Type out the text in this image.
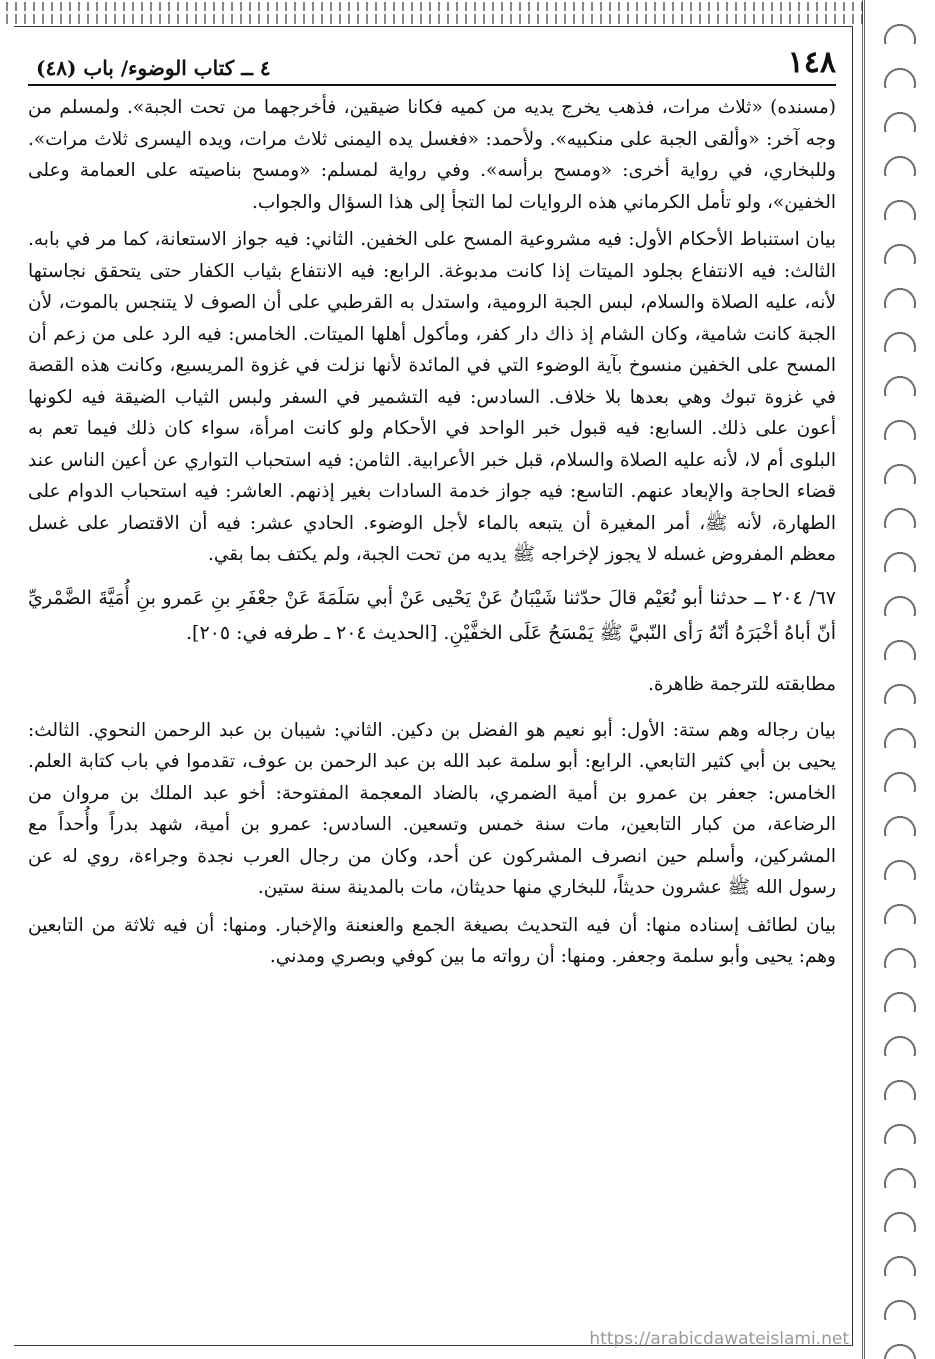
١٤٨
٤ ــ كتاب الوضوء/ باب (٤٨)

(مسنده) «ثلاث مرات، فذهب يخرج يديه من كميه فكانا ضيقين، فأخرجهما من تحت الجبة». ولمسلم من وجه آخر: «وألقى الجبة على منكبيه». ولأحمد: «فغسل يده اليمنى ثلاث مرات، ويده اليسرى ثلاث مرات». وللبخاري، في رواية أخرى: «ومسح برأسه». وفي رواية لمسلم: «ومسح بناصيته على العمامة وعلى الخفين»، ولو تأمل الكرماني هذه الروايات لما التجأ إلى هذا السؤال والجواب.

بيان استنباط الأحكام الأول: فيه مشروعية المسح على الخفين. الثاني: فيه جواز الاستعانة، كما مر في بابه. الثالث: فيه الانتفاع بجلود الميتات إذا كانت مدبوغة. الرابع: فيه الانتفاع بثياب الكفار حتى يتحقق نجاستها لأنه، عليه الصلاة والسلام، لبس الجبة الرومية، واستدل به القرطبي على أن الصوف لا يتنجس بالموت، لأن الجبة كانت شامية، وكان الشام إذ ذاك دار كفر، ومأكول أهلها الميتات. الخامس: فيه الرد على من زعم أن المسح على الخفين منسوخ بآية الوضوء التي في المائدة لأنها نزلت في غزوة المريسيع، وكانت هذه القصة في غزوة تبوك وهي بعدها بلا خلاف. السادس: فيه التشمير في السفر ولبس الثياب الضيقة فيه لكونها أعون على ذلك. السابع: فيه قبول خبر الواحد في الأحكام ولو كانت امرأة، سواء كان ذلك فيما تعم به البلوى أم لا، لأنه عليه الصلاة والسلام، قبل خبر الأعرابية. الثامن: فيه استحباب التواري عن أعين الناس عند قضاء الحاجة والإبعاد عنهم. التاسع: فيه جواز خدمة السادات بغير إذنهم. العاشر: فيه استحباب الدوام على الطهارة، لأنه ﷺ، أمر المغيرة أن يتبعه بالماء لأجل الوضوء. الحادي عشر: فيه أن الاقتصار على غسل معظم المفروض غسله لا يجوز لإخراجه ﷺ يديه من تحت الجبة، ولم يكتف بما بقي.

٦٧/ ٢٠٤ ــ حدثنا أبو نُعَيْم قالَ حدّثنا شَيْبَانُ عَنْ يَحْيى عَنْ أبي سَلَمَةَ عَنْ جعْفَرِ بنِ عَمرو بنِ أُمَيَّةَ الضَّمْريِّ أنّ أباهُ أخْبَرَهُ أنّهُ رَأى النّبيَّ ﷺ يَمْسَحُ عَلَى الخفَّيْنِ. [الحديث ٢٠٤ ـ طرفه في: ٢٠٥].

مطابقته للترجمة ظاهرة.

بيان رجاله وهم ستة: الأول: أبو نعيم هو الفضل بن دكين. الثاني: شيبان بن عبد الرحمن النحوي. الثالث: يحيى بن أبي كثير التابعي. الرابع: أبو سلمة عبد الله بن عبد الرحمن بن عوف، تقدموا في باب كتابة العلم. الخامس: جعفر بن عمرو بن أمية الضمري، بالضاد المعجمة المفتوحة: أخو عبد الملك بن مروان من الرضاعة، من كبار التابعين، مات سنة خمس وتسعين. السادس: عمرو بن أمية، شهد بدراً وأُحداً مع المشركين، وأسلم حين انصرف المشركون عن أحد، وكان من رجال العرب نجدة وجراءة، روي له عن رسول الله ﷺ عشرون حديثاً، للبخاري منها حديثان، مات بالمدينة سنة ستين.

بيان لطائف إسناده منها: أن فيه التحديث بصيغة الجمع والعنعنة والإخبار. ومنها: أن فيه ثلاثة من التابعين وهم: يحيى وأبو سلمة وجعفر. ومنها: أن رواته ما بين كوفي وبصري ومدني.

https://arabicdawateislami.net
